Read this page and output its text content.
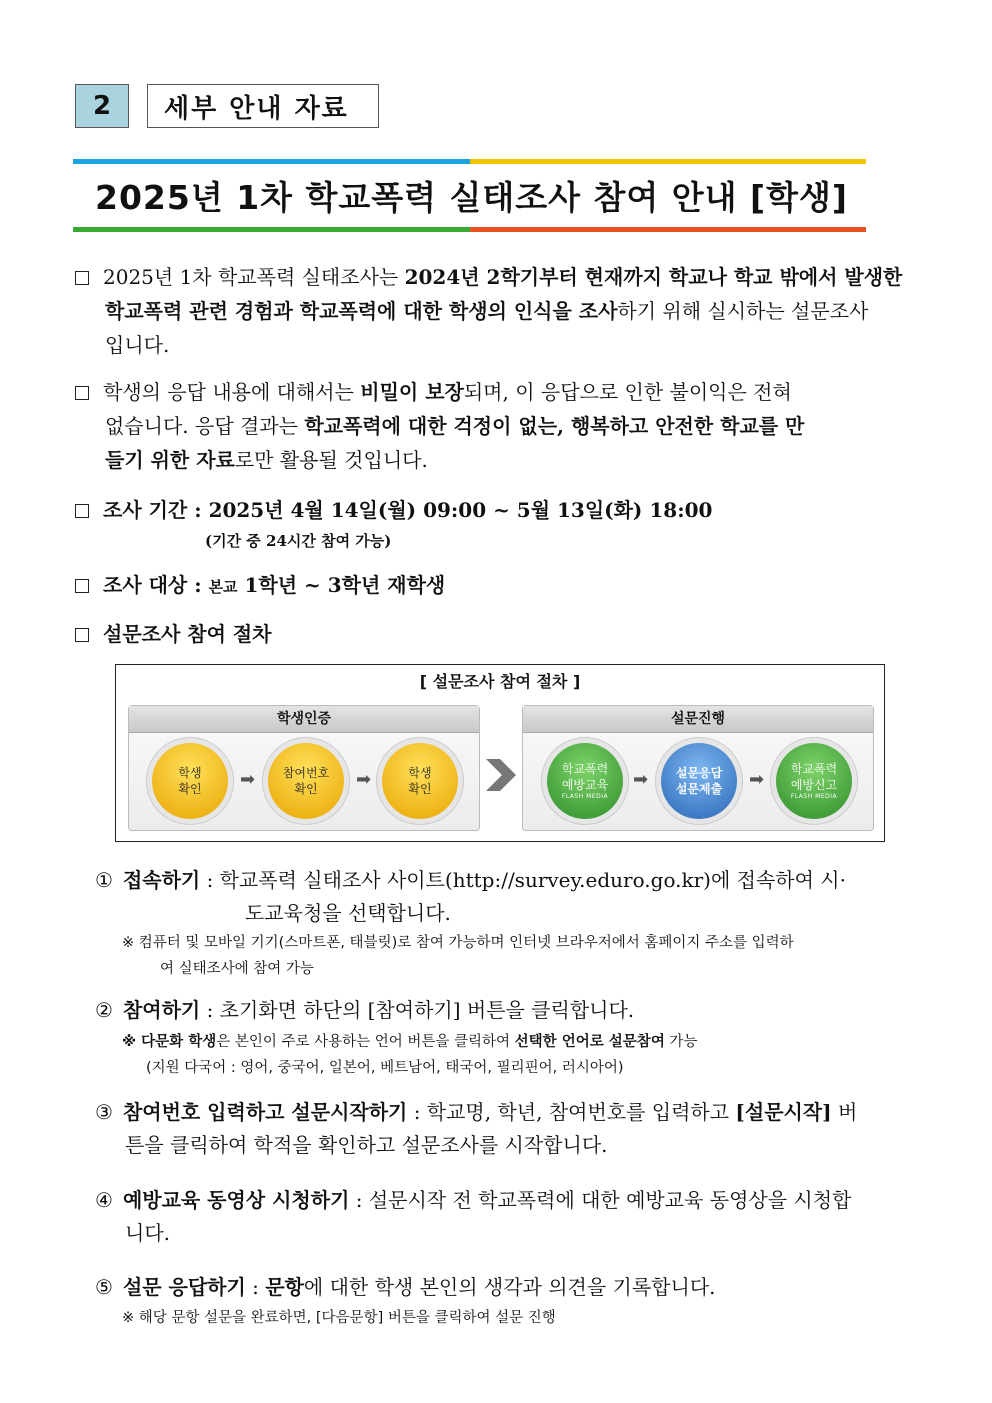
2	세부 안내 자료
2025년 1차 학교폭력 실태조사 참여 안내 [학생]
2025년 1차 학교폭력 실태조사는 2024년 2학기부터 현재까지 학교나 학교 밖에서 발생한
학교폭력 관련 경험과 학교폭력에 대한 학생의 인식을 조사하기 위해 실시하는 설문조사
입니다.
학생의 응답 내용에 대해서는 비밀이 보장되며, 이 응답으로 인한 불이익은 전혀
없습니다. 응답 결과는 학교폭력에 대한 걱정이 없는, 행복하고 안전한 학교를 만
들기 위한 자료로만 활용될 것입니다.
조사 기간 : 2025년 4월 14일(월) 09:00 ~ 5월 13일(화) 18:00
(기간 중 24시간 참여 가능)
조사 대상 : 본교 1학년 ~ 3학년 재학생
설문조사 참여 절차
[ 설문조사 참여 절차 ]
학생인증	설문진행
학생
확인 ➡ 참여번호
확인	➡	학생
확인
학교폭력
예방교육
FLASH MEDIA
➡ 설문응답
설문제출 ➡ 학교폭력
예방신고
FLASH MEDIA
① 접속하기 : 학교폭력 실태조사 사이트(http://survey.eduro.go.kr)에 접속하여 시·
도교육청을 선택합니다.
※ 컴퓨터 및 모바일 기기(스마트폰, 태블릿)로 참여 가능하며 인터넷 브라우저에서 홈페이지 주소를 입력하
여 실태조사에 참여 가능
② 참여하기 : 초기화면 하단의 [참여하기] 버튼을 클릭합니다.
※ 다문화 학생은 본인이 주로 사용하는 언어 버튼을 클릭하여 선택한 언어로 설문참여 가능
(지원 다국어 : 영어, 중국어, 일본어, 베트남어, 태국어, 필리핀어, 러시아어)
③ 참여번호 입력하고 설문시작하기 : 학교명, 학년, 참여번호를 입력하고 [설문시작] 버
튼을 클릭하여 학적을 확인하고 설문조사를 시작합니다.
④ 예방교육 동영상 시청하기 : 설문시작 전 학교폭력에 대한 예방교육 동영상을 시청합
니다.
⑤ 설문 응답하기 : 문항에 대한 학생 본인의 생각과 의견을 기록합니다.
※ 해당 문항 설문을 완료하면, [다음문항] 버튼을 클릭하여 설문 진행
